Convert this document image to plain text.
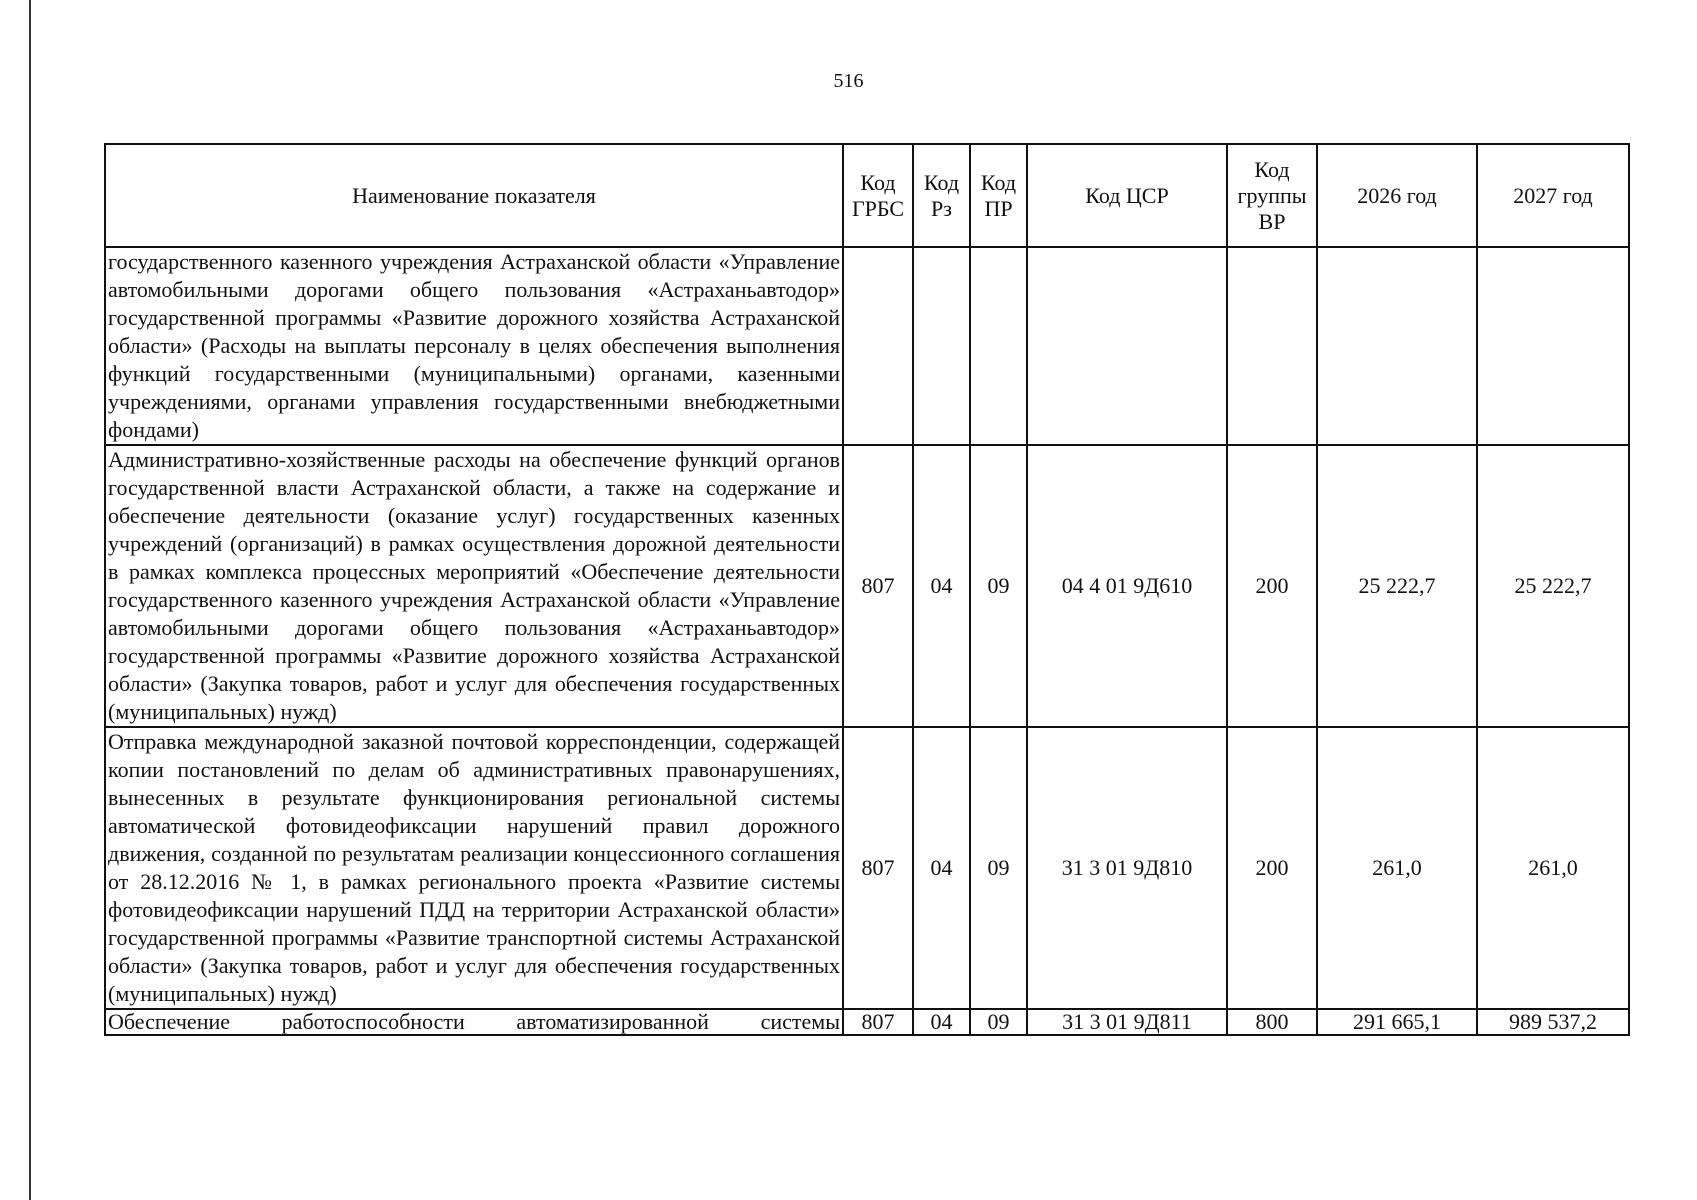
516
Наименование показателя	Код ГРБС	Код Рз	Код ПР	Код ЦСР	Код группы ВР	2026 год	2027 год
государственного казенного учреждения Астраханской области «Управление автомобильными дорогами общего пользования «Астраханьавтодор» государственной программы «Развитие дорожного хозяйства Астраханской области» (Расходы на выплаты персоналу в целях обеспечения выполнения функций государственными (муниципальными) органами, казенными учреждениями, органами управления государственными внебюджетными фондами)							
Административно-хозяйственные расходы на обеспечение функций органов государственной власти Астраханской области, а также на содержание и обеспечение деятельности (оказание услуг) государственных казенных учреждений (организаций) в рамках осуществления дорожной деятельности в рамках комплекса процессных мероприятий «Обеспечение деятельности государственного казенного учреждения Астраханской области «Управление автомобильными дорогами общего пользования «Астраханьавтодор» государственной программы «Развитие дорожного хозяйства Астраханской области» (Закупка товаров, работ и услуг для обеспечения государственных (муниципальных) нужд)	807	04	09	04 4 01 9Д610	200	25 222,7	25 222,7
Отправка международной заказной почтовой корреспонденции, содержащей копии постановлений по делам об административных правонарушениях, вынесенных в результате функционирования региональной системы автоматической фотовидеофиксации нарушений правил дорожного движения, созданной по результатам реализации концессионного соглашения от 28.12.2016 № 1, в рамках регионального проекта «Развитие системы фотовидеофиксации нарушений ПДД на территории Астраханской области» государственной программы «Развитие транспортной системы Астраханской области» (Закупка товаров, работ и услуг для обеспечения государственных (муниципальных) нужд)	807	04	09	31 3 01 9Д810	200	261,0	261,0
Обеспечение работоспособности автоматизированной системы	807	04	09	31 3 01 9Д811	800	291 665,1	989 537,2
